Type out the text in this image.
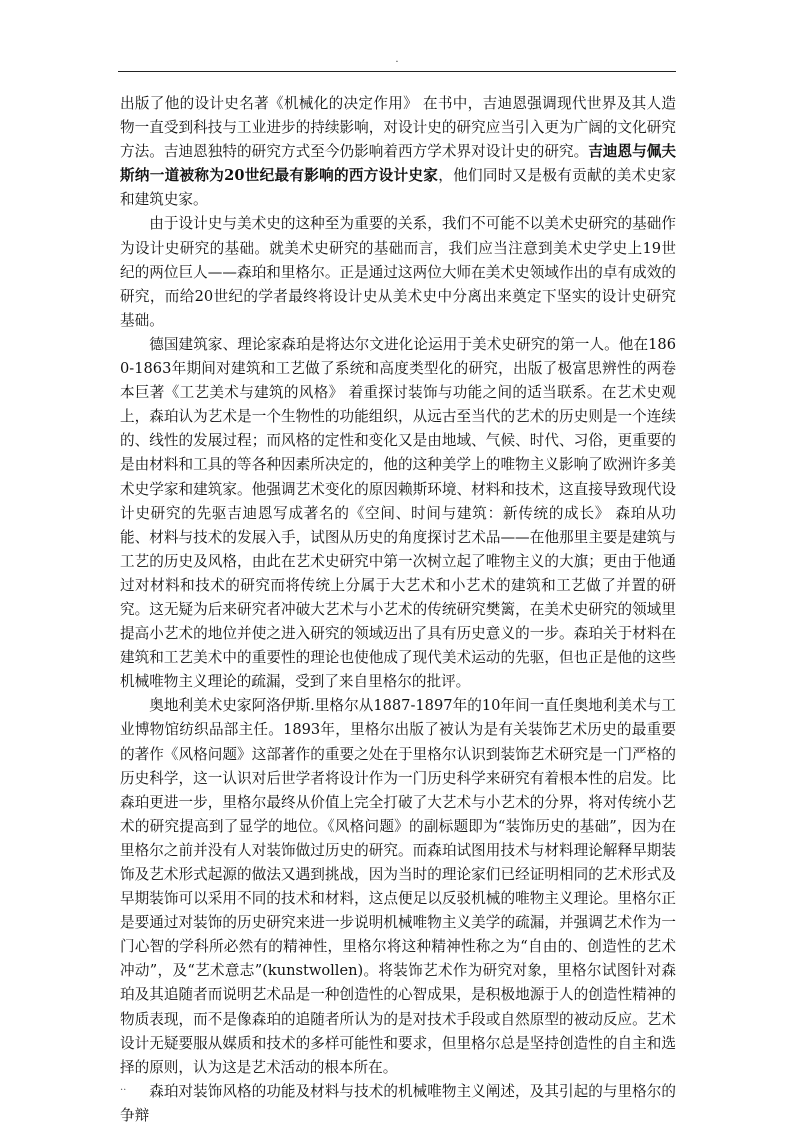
.

出版了他的设计史名著《机械化的决定作用》 在书中，吉迪恩强调现代世界及其人造物一直受到科技与工业进步的持续影响，对设计史的研究应当引入更为广阔的文化研究方法。吉迪恩独特的研究方式至今仍影响着西方学术界对设计史的研究。吉迪恩与佩夫斯纳一道被称为20世纪最有影响的西方设计史家，他们同时又是极有贡献的美术史家和建筑史家。

由于设计史与美术史的这种至为重要的关系，我们不可能不以美术史研究的基础作为设计史研究的基础。就美术史研究的基础而言，我们应当注意到美术史学史上19世纪的两位巨人——森珀和里格尔。正是通过这两位大师在美术史领域作出的卓有成效的研究，而给20世纪的学者最终将设计史从美术史中分离出来奠定下坚实的设计史研究基础。

德国建筑家、理论家森珀是将达尔文进化论运用于美术史研究的第一人。他在1860-1863年期间对建筑和工艺做了系统和高度类型化的研究，出版了极富思辨性的两卷本巨著《工艺美术与建筑的风格》 着重探讨装饰与功能之间的适当联系。在艺术史观上，森珀认为艺术是一个生物性的功能组织，从远古至当代的艺术的历史则是一个连续的、线性的发展过程；而风格的定性和变化又是由地域、气候、时代、习俗，更重要的是由材料和工具的等各种因素所决定的，他的这种美学上的唯物主义影响了欧洲许多美术史学家和建筑家。他强调艺术变化的原因赖斯环境、材料和技术，这直接导致现代设计史研究的先驱吉迪恩写成著名的《空间、时间与建筑：新传统的成长》 森珀从功能、材料与技术的发展入手，试图从历史的角度探讨艺术品——在他那里主要是建筑与工艺的历史及风格，由此在艺术史研究中第一次树立起了唯物主义的大旗；更由于他通过对材料和技术的研究而将传统上分属于大艺术和小艺术的建筑和工艺做了并置的研究。这无疑为后来研究者冲破大艺术与小艺术的传统研究樊篱，在美术史研究的领域里提高小艺术的地位并使之进入研究的领域迈出了具有历史意义的一步。森珀关于材料在建筑和工艺美术中的重要性的理论也使他成了现代美术运动的先驱，但也正是他的这些机械唯物主义理论的疏漏，受到了来自里格尔的批评。

奥地利美术史家阿洛伊斯.里格尔从1887-1897年的10年间一直任奥地利美术与工业博物馆纺织品部主任。1893年，里格尔出版了被认为是有关装饰艺术历史的最重要的著作《风格问题》这部著作的重要之处在于里格尔认识到装饰艺术研究是一门严格的历史科学，这一认识对后世学者将设计作为一门历史科学来研究有着根本性的启发。比森珀更进一步，里格尔最终从价值上完全打破了大艺术与小艺术的分界，将对传统小艺术的研究提高到了显学的地位。《风格问题》的副标题即为“装饰历史的基础”，因为在里格尔之前并没有人对装饰做过历史的研究。而森珀试图用技术与材料理论解释早期装饰及艺术形式起源的做法又遇到挑战，因为当时的理论家们已经证明相同的艺术形式及早期装饰可以采用不同的技术和材料，这点便足以反驳机械的唯物主义理论。里格尔正是要通过对装饰的历史研究来进一步说明机械唯物主义美学的疏漏，并强调艺术作为一门心智的学科所必然有的精神性，里格尔将这种精神性称之为“自由的、创造性的艺术冲动”，及“艺术意志”(kunstwollen)。将装饰艺术作为研究对象，里格尔试图针对森珀及其追随者而说明艺术品是一种创造性的心智成果，是积极地源于人的创造性精神的物质表现，而不是像森珀的追随者所认为的是对技术手段或自然原型的被动反应。艺术设计无疑要服从媒质和技术的多样可能性和要求，但里格尔总是坚持创造性的自主和选择的原则，认为这是艺术活动的根本所在。

森珀对装饰风格的功能及材料与技术的机械唯物主义阐述，及其引起的与里格尔的争辩

..
